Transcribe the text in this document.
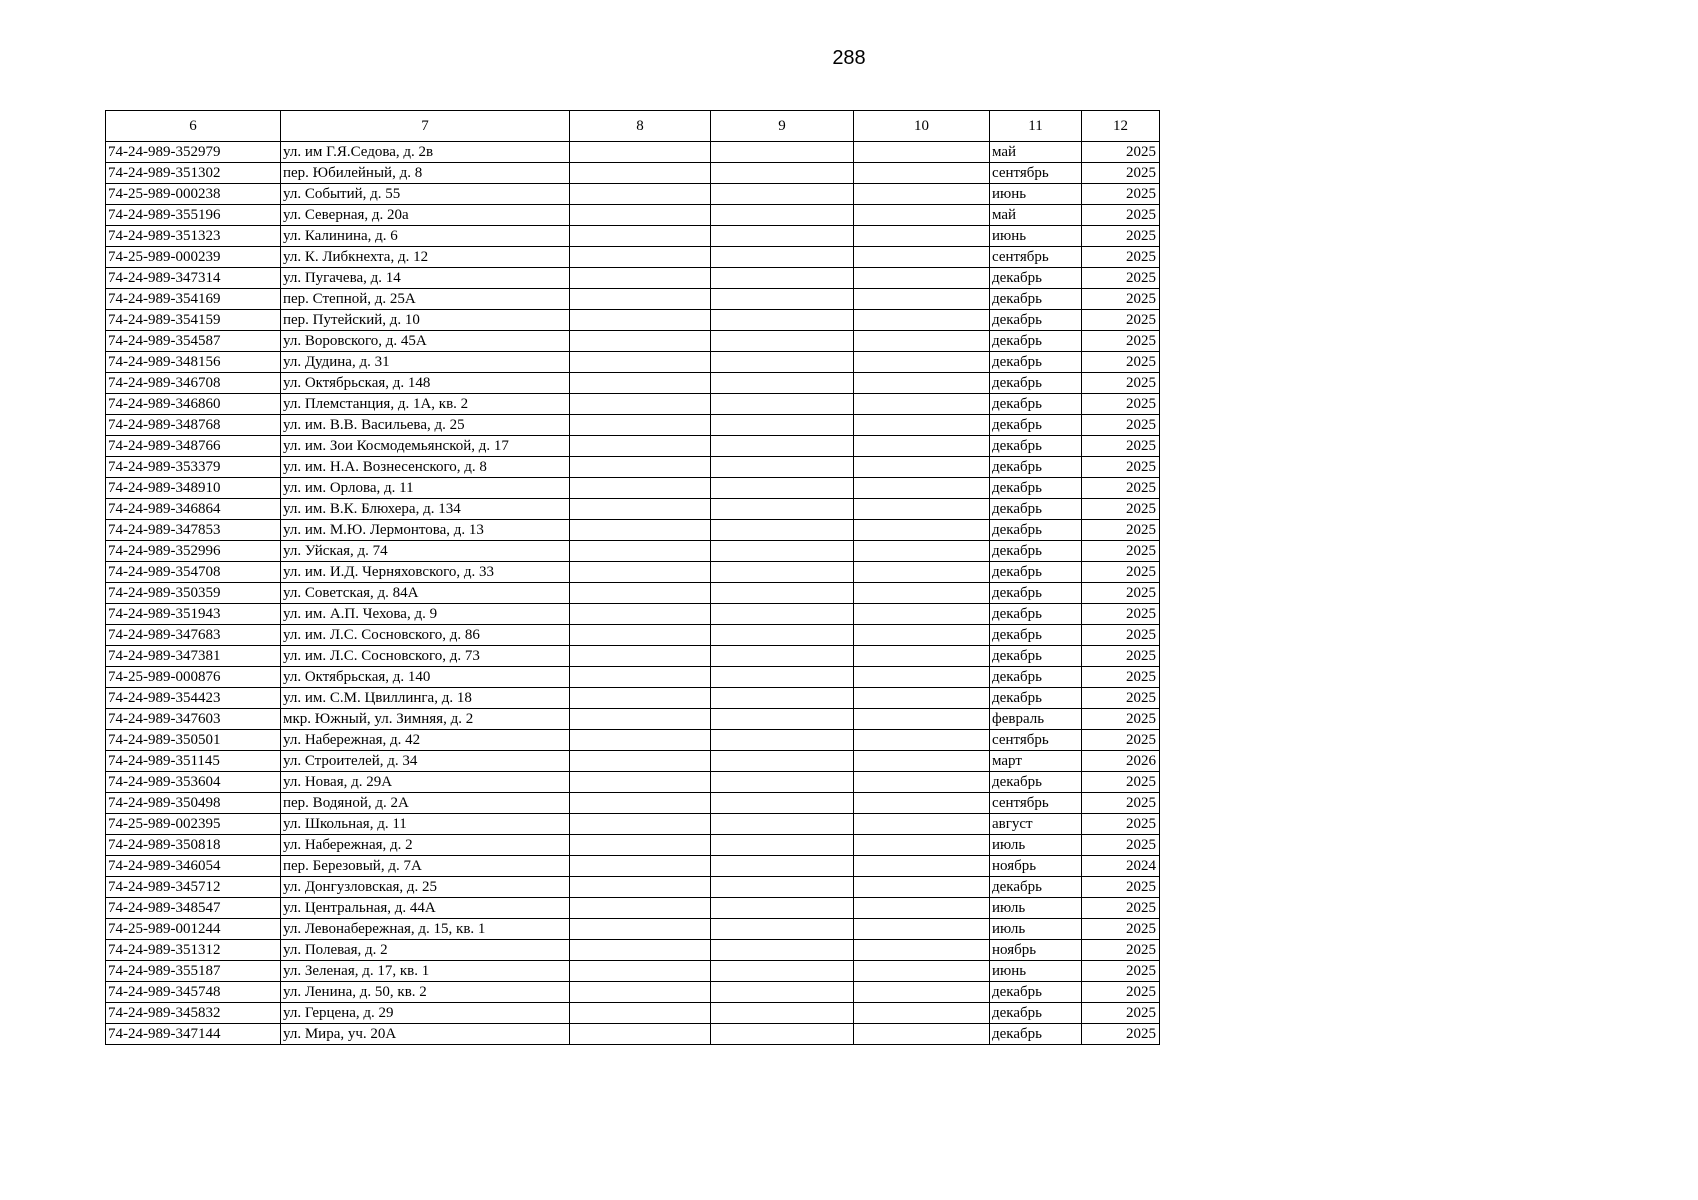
288
6	7	8	9	10	11	12
74-24-989-352979	ул. им Г.Я.Седова, д. 2в				май	2025
74-24-989-351302	пер. Юбилейный, д. 8				сентябрь	2025
74-25-989-000238	ул. Событий, д. 55				июнь	2025
74-24-989-355196	ул. Северная, д. 20а				май	2025
74-24-989-351323	ул. Калинина, д. 6				июнь	2025
74-25-989-000239	ул. К. Либкнехта, д. 12				сентябрь	2025
74-24-989-347314	ул. Пугачева, д. 14				декабрь	2025
74-24-989-354169	пер. Степной, д. 25А				декабрь	2025
74-24-989-354159	пер. Путейский, д. 10				декабрь	2025
74-24-989-354587	ул. Воровского, д. 45А				декабрь	2025
74-24-989-348156	ул. Дудина, д. 31				декабрь	2025
74-24-989-346708	ул. Октябрьская, д. 148				декабрь	2025
74-24-989-346860	ул. Племстанция, д. 1А, кв. 2				декабрь	2025
74-24-989-348768	ул. им. В.В. Васильева, д. 25				декабрь	2025
74-24-989-348766	ул. им. Зои Космодемьянской, д. 17				декабрь	2025
74-24-989-353379	ул. им. Н.А. Вознесенского, д. 8				декабрь	2025
74-24-989-348910	ул. им. Орлова, д. 11				декабрь	2025
74-24-989-346864	ул. им. В.К. Блюхера, д. 134				декабрь	2025
74-24-989-347853	ул. им. М.Ю. Лермонтова, д. 13				декабрь	2025
74-24-989-352996	ул. Уйская, д. 74				декабрь	2025
74-24-989-354708	ул. им. И.Д. Черняховского, д. 33				декабрь	2025
74-24-989-350359	ул. Советская, д. 84А				декабрь	2025
74-24-989-351943	ул. им. А.П. Чехова, д. 9				декабрь	2025
74-24-989-347683	ул. им. Л.С. Сосновского, д. 86				декабрь	2025
74-24-989-347381	ул. им. Л.С. Сосновского, д. 73				декабрь	2025
74-25-989-000876	ул. Октябрьская, д. 140				декабрь	2025
74-24-989-354423	ул. им. С.М. Цвиллинга, д. 18				декабрь	2025
74-24-989-347603	мкр. Южный, ул. Зимняя, д. 2				февраль	2025
74-24-989-350501	ул. Набережная, д. 42				сентябрь	2025
74-24-989-351145	ул. Строителей, д. 34				март	2026
74-24-989-353604	ул. Новая, д. 29А				декабрь	2025
74-24-989-350498	пер. Водяной, д. 2А				сентябрь	2025
74-25-989-002395	ул. Школьная, д. 11				август	2025
74-24-989-350818	ул. Набережная, д. 2				июль	2025
74-24-989-346054	пер. Березовый, д. 7А				ноябрь	2024
74-24-989-345712	ул. Донгузловская, д. 25				декабрь	2025
74-24-989-348547	ул. Центральная, д. 44А				июль	2025
74-25-989-001244	ул. Левонабережная, д. 15, кв. 1				июль	2025
74-24-989-351312	ул. Полевая, д. 2				ноябрь	2025
74-24-989-355187	ул. Зеленая, д. 17, кв. 1				июнь	2025
74-24-989-345748	ул. Ленина, д. 50, кв. 2				декабрь	2025
74-24-989-345832	ул. Герцена, д. 29				декабрь	2025
74-24-989-347144	ул. Мира, уч. 20А				декабрь	2025
